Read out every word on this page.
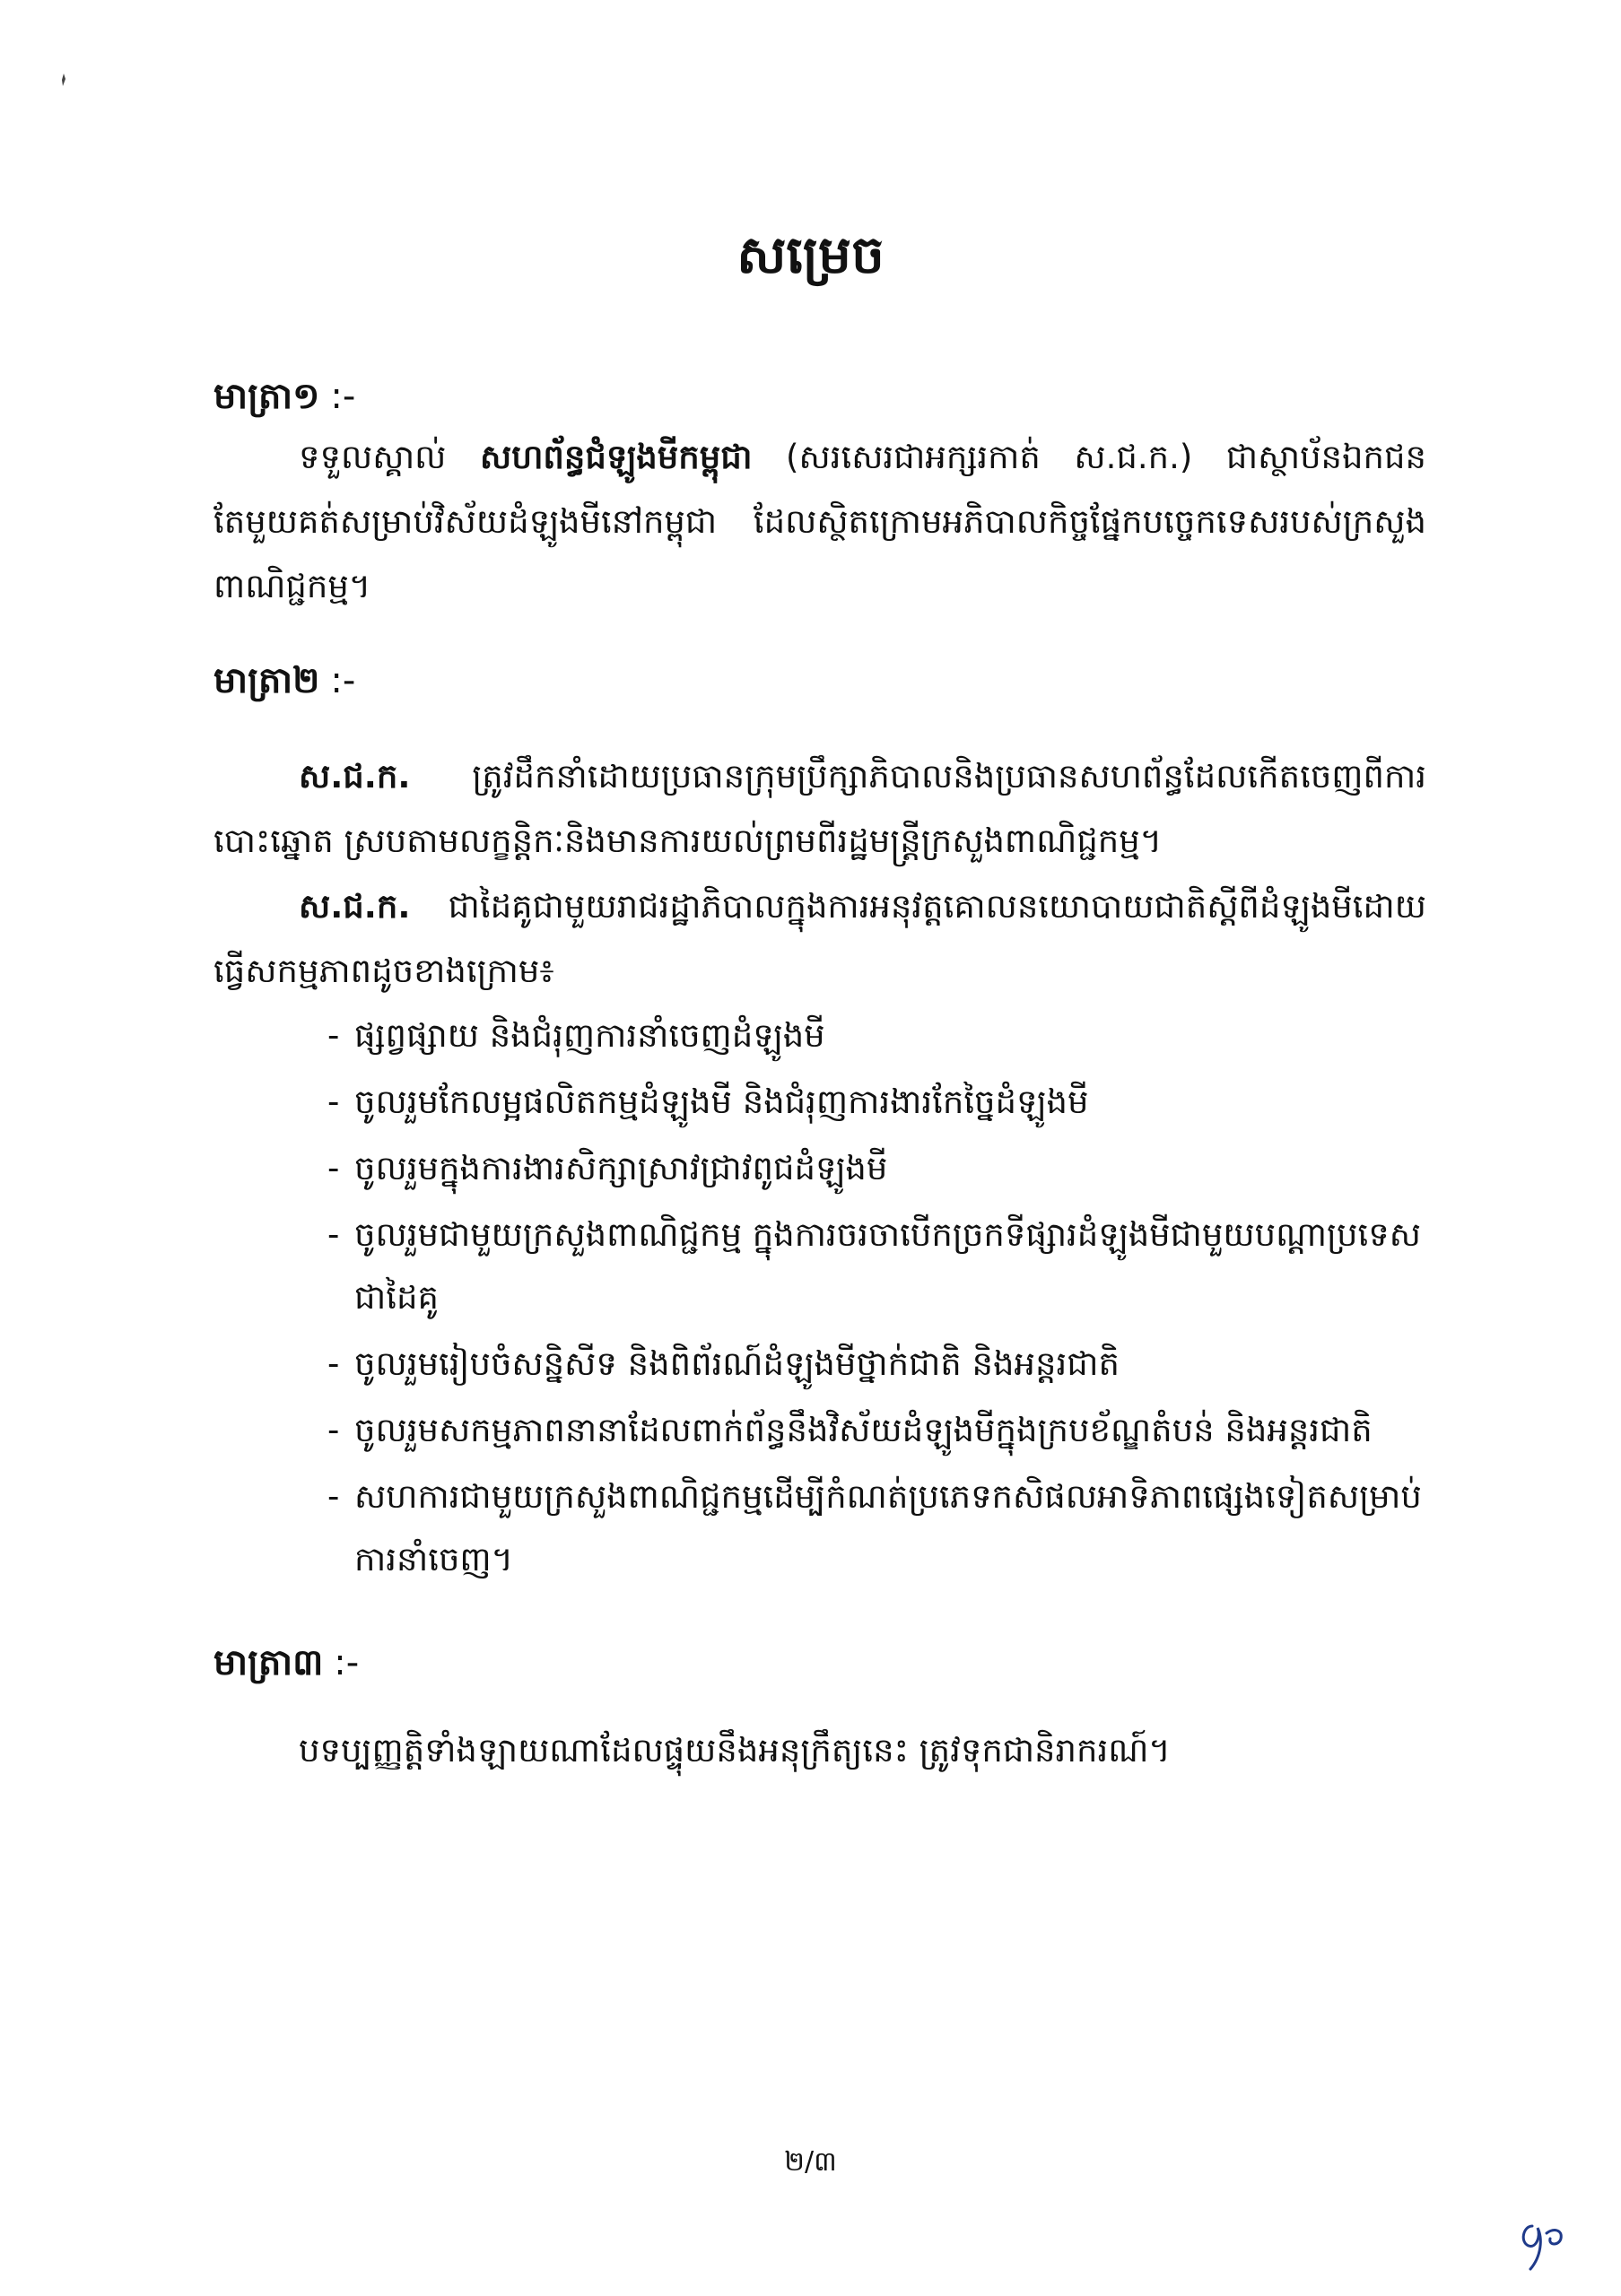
សម្រេច
មាត្រា១ :-
ទទួលស្គាល់ សហព័ន្ធជំឡូងមីកម្ពុជា (សរសេរជាអក្សរកាត់ ស.ជ.ក.) ជាស្ថាប័នឯកជនតែមួយគត់សម្រាប់វិស័យដំឡូងមីនៅកម្ពុជា ដែលស្ថិតក្រោមអភិបាលកិច្ចផ្នែកបច្ចេកទេសរបស់ក្រសួងពាណិជ្ជកម្ម។
មាត្រា២ :-
ស.ជ.ក. ត្រូវដឹកនាំដោយប្រធានក្រុមប្រឹក្សាភិបាលនិងប្រធានសហព័ន្ធដែលកើតចេញពីការបោះឆ្នោត ស្របតាមលក្ខន្តិកៈនិងមានការយល់ព្រមពីរដ្ឋមន្ត្រីក្រសួងពាណិជ្ជកម្ម។
ស.ជ.ក. ជាដៃគូជាមួយរាជរដ្ឋាភិបាលក្នុងការអនុវត្តគោលនយោបាយជាតិស្តីពីដំឡូងមីដោយធ្វើសកម្មភាពដូចខាងក្រោម៖
- ផ្សព្វផ្សាយ និងជំរុញការនាំចេញដំឡូងមី
- ចូលរួមកែលម្អផលិតកម្មដំឡូងមី និងជំរុញការងារកែច្នៃដំឡូងមី
- ចូលរួមក្នុងការងារសិក្សាស្រាវជ្រាវពូជដំឡូងមី
- ចូលរួមជាមួយក្រសួងពាណិជ្ជកម្ម ក្នុងការចរចាបើកច្រកទីផ្សារដំឡូងមីជាមួយបណ្តាប្រទេសជាដៃគូ
- ចូលរួមរៀបចំសន្និសីទ និងពិព័រណ៍ដំឡូងមីថ្នាក់ជាតិ និងអន្តរជាតិ
- ចូលរួមសកម្មភាពនានាដែលពាក់ព័ន្ធនឹងវិស័យដំឡូងមីក្នុងក្របខ័ណ្ឌតំបន់ និងអន្តរជាតិ
- សហការជាមួយក្រសួងពាណិជ្ជកម្មដើម្បីកំណត់ប្រភេទកសិផលអាទិភាពផ្សេងទៀតសម្រាប់ការនាំចេញ។
មាត្រា៣ :-
បទប្បញ្ញត្តិទាំងឡាយណាដែលផ្ទុយនឹងអនុក្រឹត្យនេះ ត្រូវទុកជានិរាករណ៍។
២/៣
